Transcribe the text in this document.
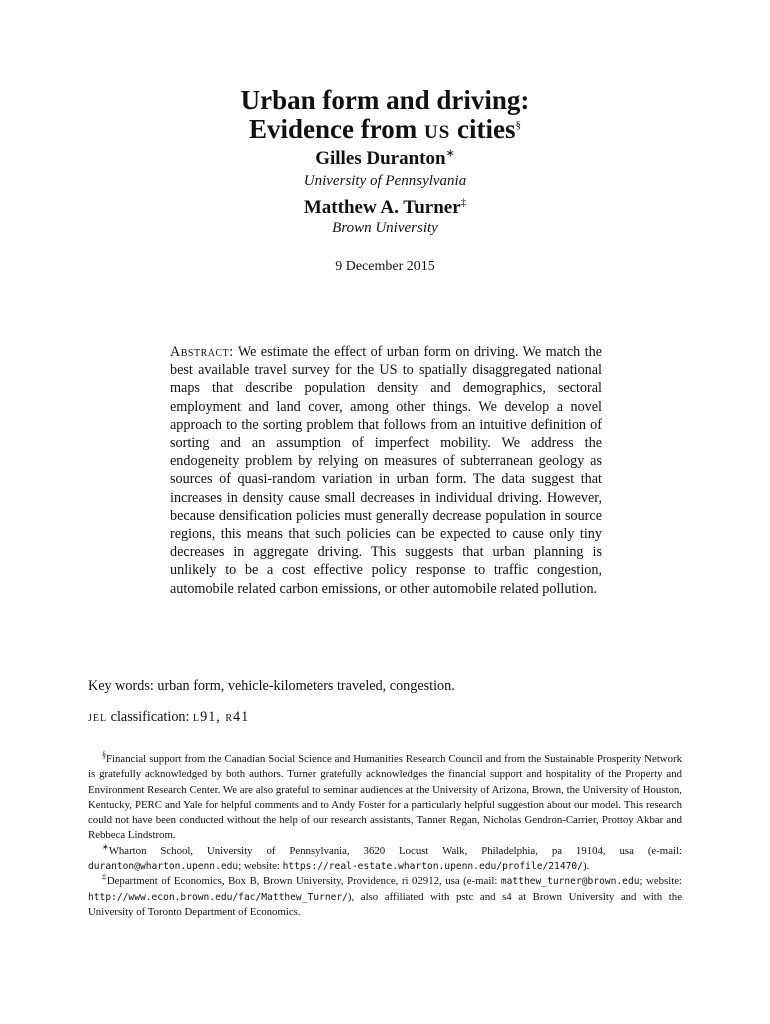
Urban form and driving:
Evidence from us cities§
Gilles Duranton∗
University of Pennsylvania
Matthew A. Turner‡
Brown University
9 December 2015
Abstract: We estimate the effect of urban form on driving. We match the best available travel survey for the US to spatially disaggregated national maps that describe population density and demographics, sectoral employment and land cover, among other things. We develop a novel approach to the sorting problem that follows from an intuitive definition of sorting and an assumption of imperfect mobility. We address the endogeneity problem by relying on measures of subterranean geology as sources of quasi-random variation in urban form. The data suggest that increases in density cause small decreases in individual driving. However, because densification policies must generally decrease population in source regions, this means that such policies can be expected to cause only tiny decreases in aggregate driving. This suggests that urban planning is unlikely to be a cost effective policy response to traffic congestion, automobile related carbon emissions, or other automobile related pollution.
Key words: urban form, vehicle-kilometers traveled, congestion.
jel classification: l91, r41

§Financial support from the Canadian Social Science and Humanities Research Council and from the Sustainable Prosperity Network is gratefully acknowledged by both authors. Turner gratefully acknowledges the financial support and hospitality of the Property and Environment Research Center. We are also grateful to seminar audiences at the University of Arizona, Brown, the University of Houston, Kentucky, PERC and Yale for helpful comments and to Andy Foster for a particularly helpful suggestion about our model. This research could not have been conducted without the help of our research assistants, Tanner Regan, Nicholas Gendron-Carrier, Prottoy Akbar and Rebbeca Lindstrom.

∗Wharton School, University of Pennsylvania, 3620 Locust Walk, Philadelphia, pa 19104, usa (e-mail: duranton@wharton.upenn.edu; website: https://real-estate.wharton.upenn.edu/profile/21470/).

‡Department of Economics, Box B, Brown University, Providence, ri 02912, usa (e-mail: matthew_turner@brown.edu; website: http://www.econ.brown.edu/fac/Matthew_Turner/), also affiliated with pstc and s4 at Brown University and with the University of Toronto Department of Economics.
